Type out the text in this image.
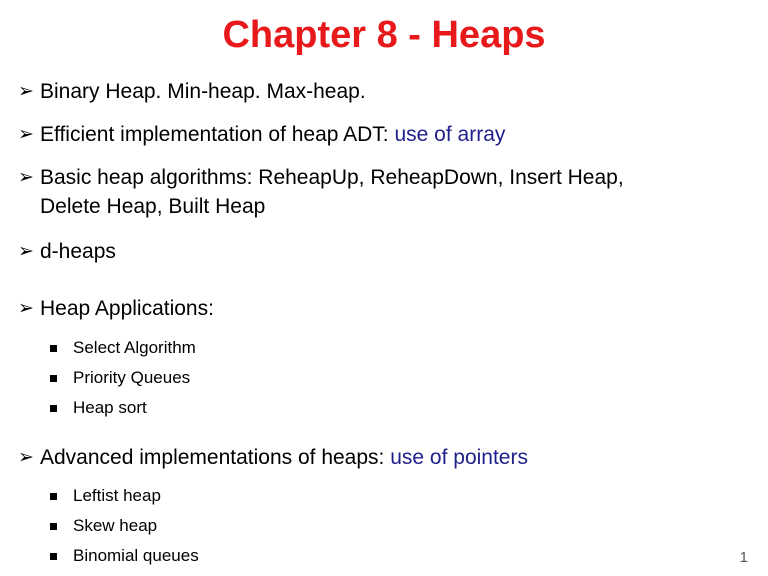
Chapter 8 - Heaps
➢ Binary Heap. Min-heap. Max-heap.
➢ Efficient implementation of heap ADT: use of array
➢ Basic heap algorithms: ReheapUp, ReheapDown, Insert Heap,
Delete Heap, Built Heap
➢ d-heaps
➢ Heap Applications:
Select Algorithm
Priority Queues
Heap sort
➢ Advanced implementations of heaps: use of pointers
Leftist heap
Skew heap
Binomial queues	1
